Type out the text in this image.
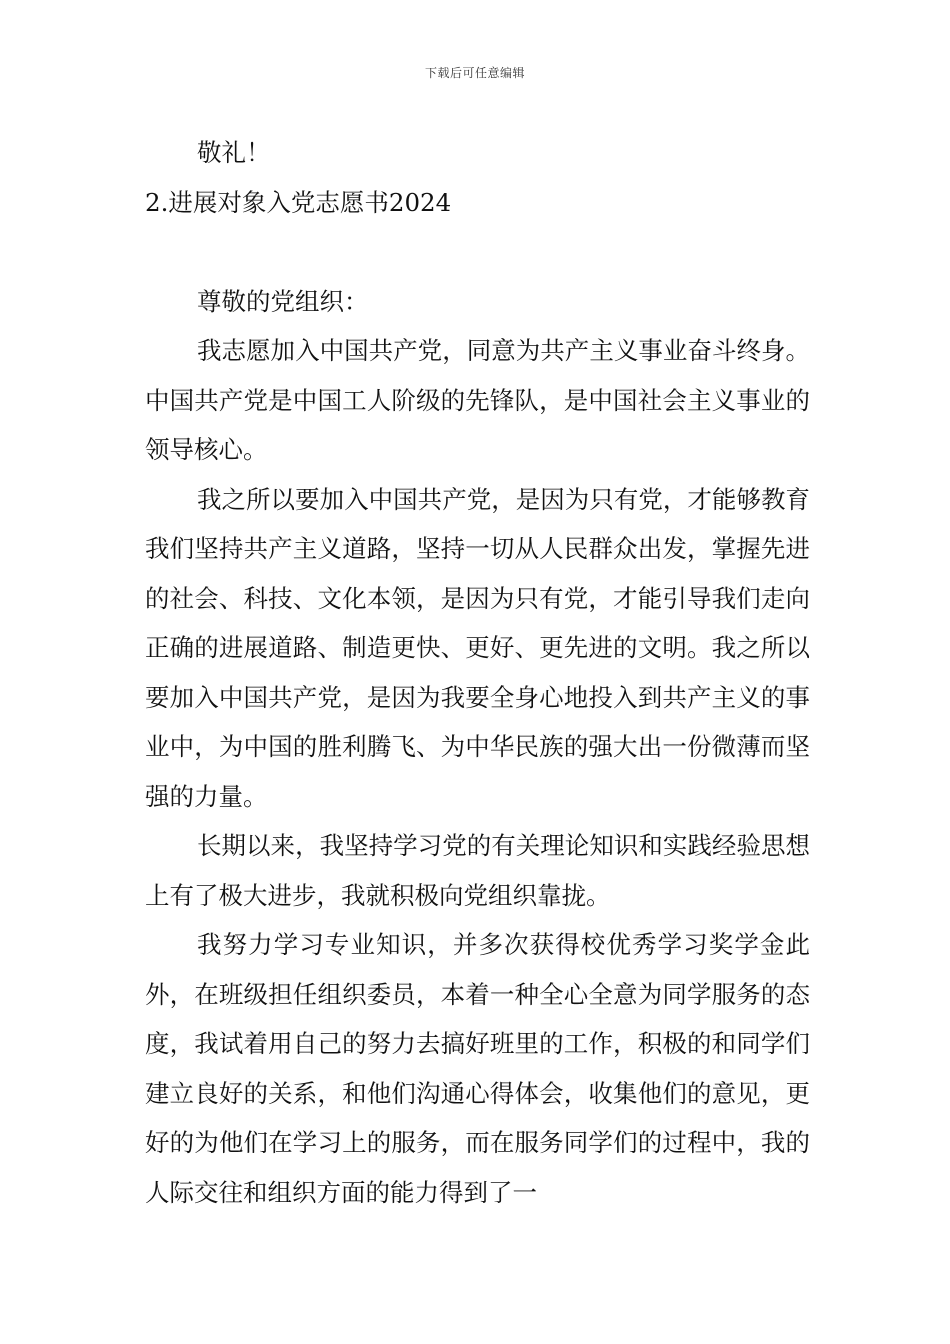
下载后可任意编辑
敬礼！
2.进展对象入党志愿书2024
尊敬的党组织：

我志愿加入中国共产党，同意为共产主义事业奋斗终身。中国共产党是中国工人阶级的先锋队，是中国社会主义事业的领导核心。

我之所以要加入中国共产党，是因为只有党，才能够教育我们坚持共产主义道路，坚持一切从人民群众出发，掌握先进的社会、科技、文化本领，是因为只有党，才能引导我们走向正确的进展道路、制造更快、更好、更先进的文明。我之所以要加入中国共产党，是因为我要全身心地投入到共产主义的事业中，为中国的胜利腾飞、为中华民族的强大出一份微薄而坚强的力量。

长期以来，我坚持学习党的有关理论知识和实践经验思想上有了极大进步，我就积极向党组织靠拢。

我努力学习专业知识，并多次获得校优秀学习奖学金此外，在班级担任组织委员，本着一种全心全意为同学服务的态度，我试着用自己的努力去搞好班里的工作，积极的和同学们建立良好的关系，和他们沟通心得体会，收集他们的意见，更好的为他们在学习上的服务，而在服务同学们的过程中，我的人际交往和组织方面的能力得到了一
